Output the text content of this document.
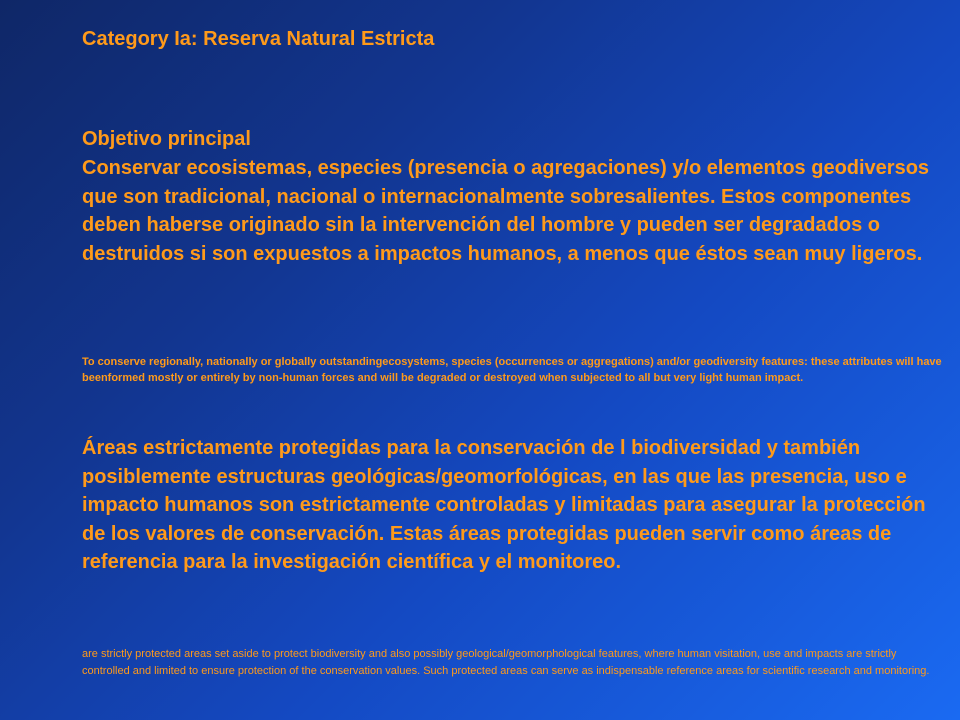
Category Ia: Reserva Natural Estricta
Objetivo principal
Conservar ecosistemas, especies (presencia o agregaciones) y/o elementos geodiversos que son tradicional, nacional o internacionalmente sobresalientes. Estos componentes deben haberse originado sin la intervención del hombre y pueden ser degradados o destruidos si son expuestos a impactos humanos, a menos que éstos sean muy ligeros.
To conserve regionally, nationally or globally outstandingecosystems, species (occurrences or aggregations) and/or geodiversity features: these attributes will have beenformed mostly or entirely by non-human forces and will be degraded or destroyed when subjected to all but very light human impact.
Áreas estrictamente protegidas para la conservación de l biodiversidad y también posiblemente estructuras geológicas/geomorfológicas, en las que las presencia, uso e impacto humanos son estrictamente controladas y limitadas para asegurar la protección de los valores de conservación. Estas áreas protegidas pueden servir como áreas de referencia para la investigación científica y el monitoreo.
are strictly protected areas set aside to protect biodiversity and also possibly geological/geomorphological features, where human visitation, use and impacts are strictly controlled and limited to ensure protection of the conservation values. Such protected areas can serve as indispensable reference areas for scientific research and monitoring.
